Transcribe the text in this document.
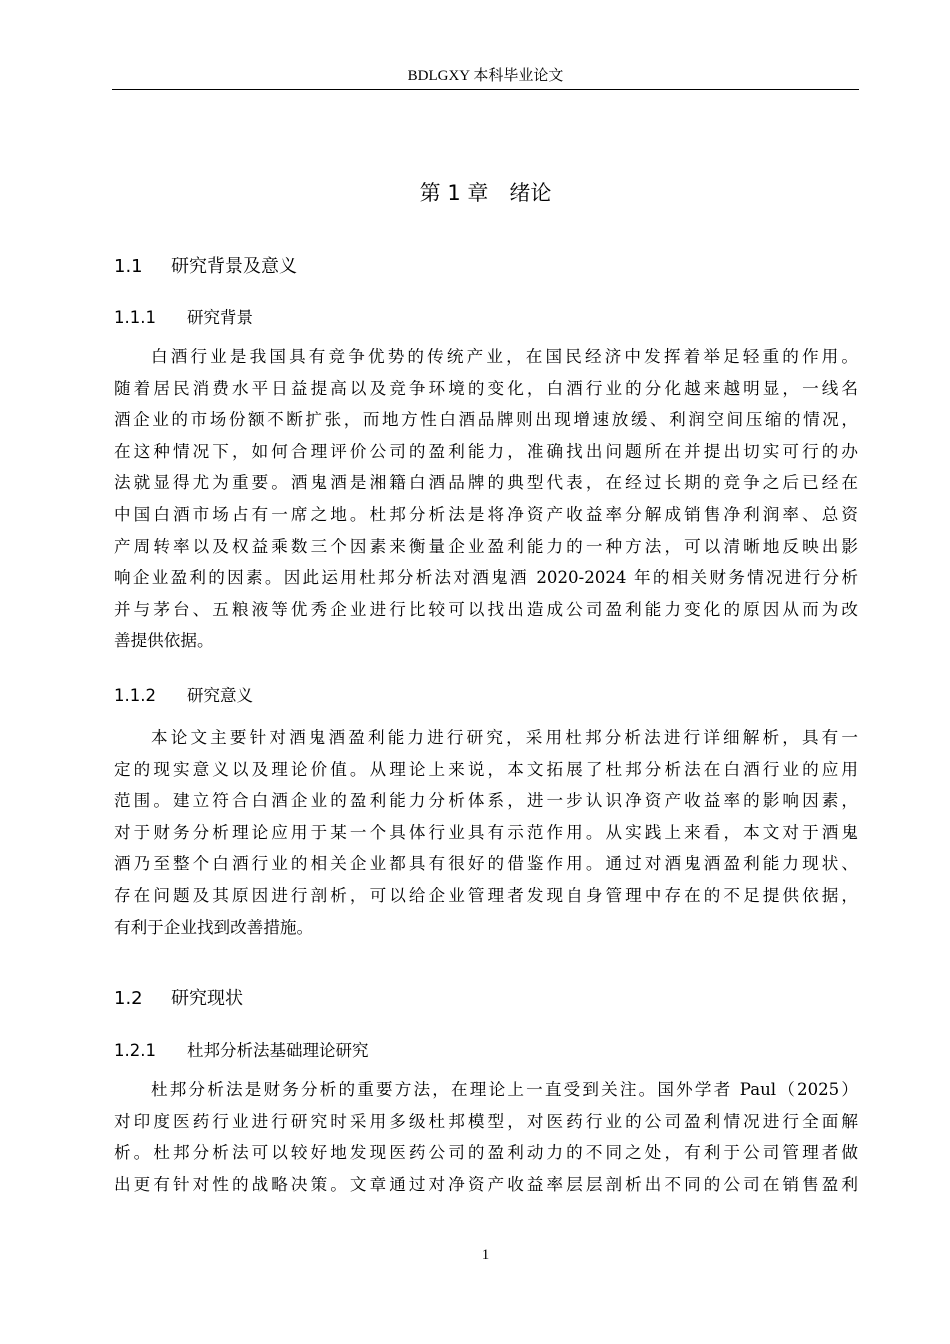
BDLGXY 本科毕业论文
第 1 章　绪论
1.1 研究背景及意义
1.1.1 研究背景
白酒行业是我国具有竞争优势的传统产业，在国民经济中发挥着举足轻重的作用。
随着居民消费水平日益提高以及竞争环境的变化，白酒行业的分化越来越明显，一线名
酒企业的市场份额不断扩张，而地方性白酒品牌则出现增速放缓、利润空间压缩的情况，
在这种情况下，如何合理评价公司的盈利能力，准确找出问题所在并提出切实可行的办
法就显得尤为重要。酒鬼酒是湘籍白酒品牌的典型代表，在经过长期的竞争之后已经在
中国白酒市场占有一席之地。杜邦分析法是将净资产收益率分解成销售净利润率、总资
产周转率以及权益乘数三个因素来衡量企业盈利能力的一种方法，可以清晰地反映出影
响企业盈利的因素。因此运用杜邦分析法对酒鬼酒 2020-2024 年的相关财务情况进行分析
并与茅台、五粮液等优秀企业进行比较可以找出造成公司盈利能力变化的原因从而为改
善提供依据。
1.1.2 研究意义
本论文主要针对酒鬼酒盈利能力进行研究，采用杜邦分析法进行详细解析，具有一
定的现实意义以及理论价值。从理论上来说，本文拓展了杜邦分析法在白酒行业的应用
范围。建立符合白酒企业的盈利能力分析体系，进一步认识净资产收益率的影响因素，
对于财务分析理论应用于某一个具体行业具有示范作用。从实践上来看，本文对于酒鬼
酒乃至整个白酒行业的相关企业都具有很好的借鉴作用。通过对酒鬼酒盈利能力现状、
存在问题及其原因进行剖析，可以给企业管理者发现自身管理中存在的不足提供依据，
有利于企业找到改善措施。
1.2 研究现状
1.2.1 杜邦分析法基础理论研究
杜邦分析法是财务分析的重要方法，在理论上一直受到关注。国外学者 Paul（2025）
对印度医药行业进行研究时采用多级杜邦模型，对医药行业的公司盈利情况进行全面解
析。杜邦分析法可以较好地发现医药公司的盈利动力的不同之处，有利于公司管理者做
出更有针对性的战略决策。文章通过对净资产收益率层层剖析出不同的公司在销售盈利
1
